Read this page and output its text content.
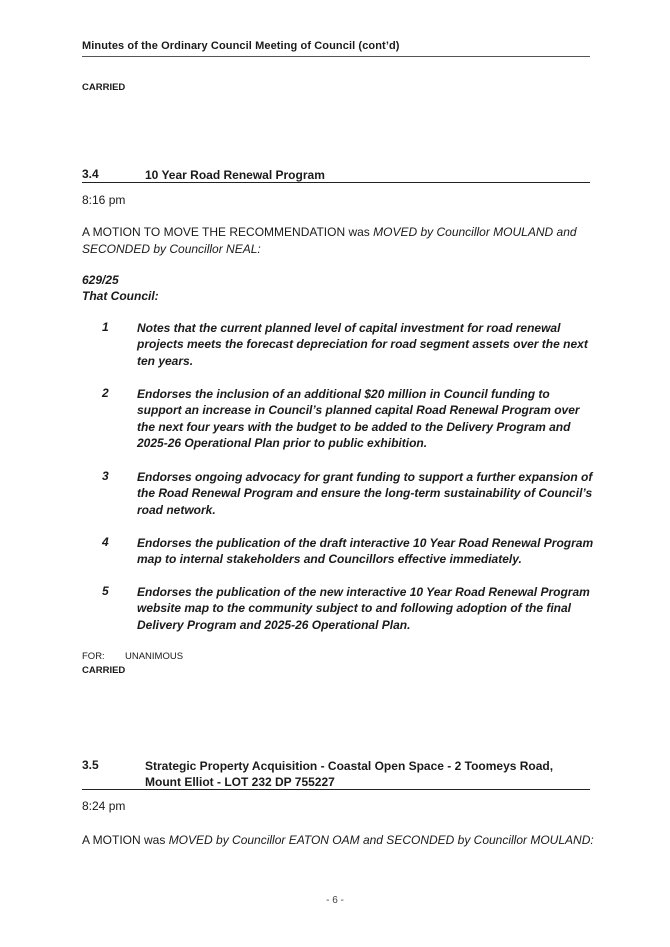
Minutes of the Ordinary Council Meeting of Council (cont’d)
CARRIED
3.4	10 Year Road Renewal Program
8:16 pm
A MOTION TO MOVE THE RECOMMENDATION was MOVED by Councillor MOULAND and
SECONDED by Councillor NEAL:
629/25
That Council:
1 Notes that the current planned level of capital investment for road renewal projects meets the forecast depreciation for road segment assets over the next ten years.
2 Endorses the inclusion of an additional $20 million in Council funding to support an increase in Council’s planned capital Road Renewal Program over the next four years with the budget to be added to the Delivery Program and 2025-26 Operational Plan prior to public exhibition.
3 Endorses ongoing advocacy for grant funding to support a further expansion of the Road Renewal Program and ensure the long-term sustainability of Council’s road network.
4 Endorses the publication of the draft interactive 10 Year Road Renewal Program map to internal stakeholders and Councillors effective immediately.
5 Endorses the publication of the new interactive 10 Year Road Renewal Program website map to the community subject to and following adoption of the final Delivery Program and 2025-26 Operational Plan.
FOR: UNANIMOUS
CARRIED
3.5	Strategic Property Acquisition - Coastal Open Space - 2 Toomeys Road,
Mount Elliot - LOT 232 DP 755227
8:24 pm
A MOTION was MOVED by Councillor EATON OAM and SECONDED by Councillor MOULAND:
- 6 -
